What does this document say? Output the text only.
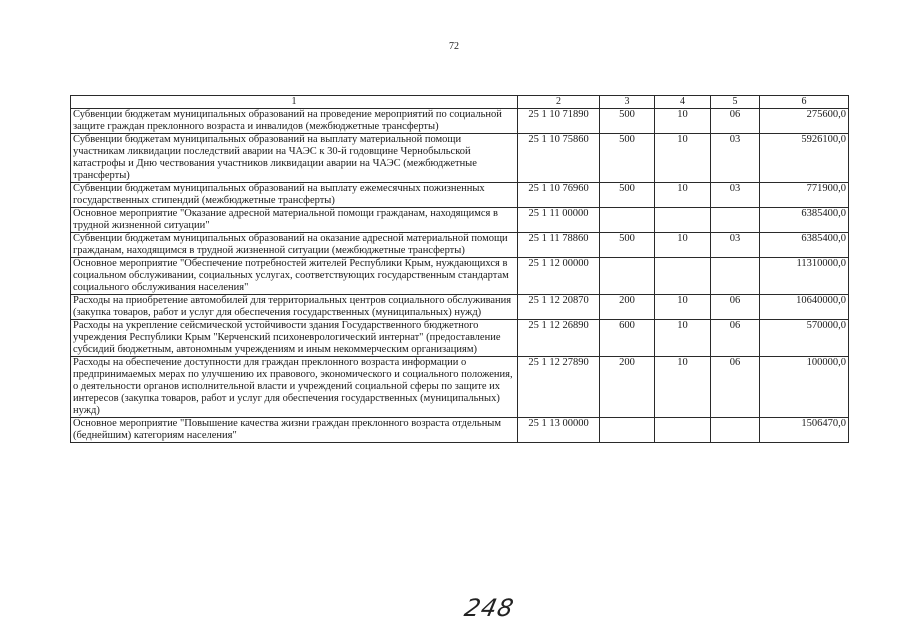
72
1	2	3	4	5	6
Субвенции бюджетам муниципальных образований на проведение мероприятий по социальной защите граждан преклонного возраста и инвалидов (межбюджетные трансферты)	25 1 10 71890	500	10	06	275600,0
Субвенции бюджетам муниципальных образований на выплату материальной помощи участникам ликвидации последствий аварии на ЧАЭС к 30-й годовщине Чернобыльской катастрофы и Дню чествования участников ликвидации аварии на ЧАЭС (межбюджетные трансферты)	25 1 10 75860	500	10	03	5926100,0
Субвенции бюджетам муниципальных образований на выплату ежемесячных пожизненных государственных стипендий (межбюджетные трансферты)	25 1 10 76960	500	10	03	771900,0
Основное мероприятие "Оказание адресной материальной помощи гражданам, находящимся в трудной жизненной ситуации"	25 1 11 00000				6385400,0
Субвенции бюджетам муниципальных образований на оказание адресной материальной помощи гражданам, находящимся в трудной жизненной ситуации (межбюджетные трансферты)	25 1 11 78860	500	10	03	6385400,0
Основное мероприятие "Обеспечение потребностей жителей Республики Крым, нуждающихся в социальном обслуживании, социальных услугах, соответствующих государственным стандартам социального обслуживания населения"	25 1 12 00000				11310000,0
Расходы на приобретение автомобилей для территориальных центров социального обслуживания (закупка товаров, работ и услуг для обеспечения государственных (муниципальных) нужд)	25 1 12 20870	200	10	06	10640000,0
Расходы на укрепление сейсмической устойчивости здания Государственного бюджетного учреждения Республики Крым "Керченский психоневрологический интернат" (предоставление субсидий бюджетным, автономным учреждениям и иным некоммерческим организациям)	25 1 12 26890	600	10	06	570000,0
Расходы на обеспечение доступности для граждан преклонного возраста информации о предпринимаемых мерах по улучшению их правового, экономического и социального положения, о деятельности органов исполнительной власти и учреждений социальной сферы по защите их интересов (закупка товаров, работ и услуг для обеспечения государственных (муниципальных) нужд)	25 1 12 27890	200	10	06	100000,0
Основное мероприятие "Повышение качества жизни граждан преклонного возраста отдельным (беднейшим) категориям населения"	25 1 13 00000				1506470,0
248
